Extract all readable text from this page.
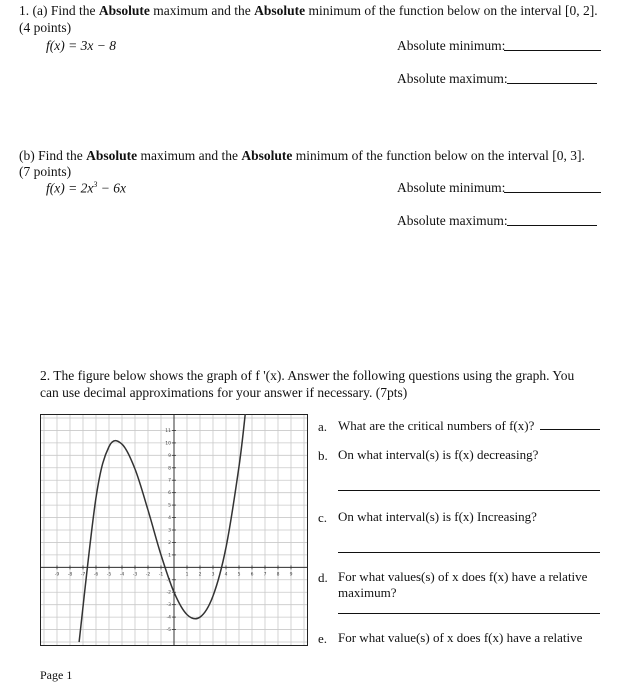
1. (a) Find the Absolute maximum and the Absolute minimum of the function below on the interval [0, 2].
(4 points)
f(x) = 3x − 8	Absolute minimum:
Absolute maximum:
(b) Find the Absolute maximum and the Absolute minimum of the function below on the interval [0, 3].
(7 points)
$f(x) = 2x^3 - 6x$	Absolute minimum:
Absolute maximum:
2. The figure below shows the graph of f '(x). Answer the following questions using the graph. You
can use decimal approximations for your answer if necessary. (7pts)
-9 -8 -7 -6 -5 -4 -3 -2 -1	1 2 3 4 5 6 7 8 9
11
10
9
8
7
6
5
4
3
2
1
-1
-2
-3
-4
-5
a. What are the critical numbers of f(x)?
b. On what interval(s) is f(x) decreasing?
c. On what interval(s) is f(x) Increasing?
d. For what values(s) of x does f(x) have a relative
maximum?
e. For what value(s) of x does f(x) have a relative
Page 1
